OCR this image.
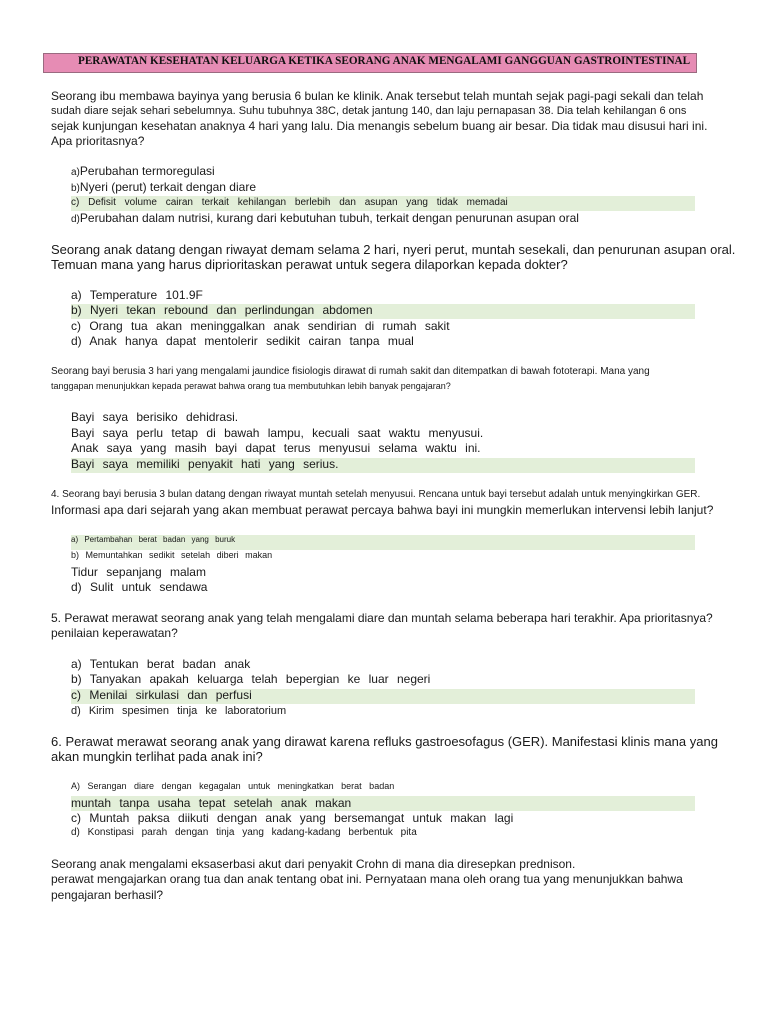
PERAWATAN KESEHATAN KELUARGA KETIKA SEORANG ANAK MENGALAMI GANGGUAN GASTROINTESTINAL
Seorang ibu membawa bayinya yang berusia 6 bulan ke klinik. Anak tersebut telah muntah sejak pagi-pagi sekali dan telah
sudah diare sejak sehari sebelumnya. Suhu tubuhnya 38C, detak jantung 140, dan laju pernapasan 38. Dia telah kehilangan 6 ons
sejak kunjungan kesehatan anaknya 4 hari yang lalu. Dia menangis sebelum buang air besar. Dia tidak mau disusui hari ini.
Apa prioritasnya?
a)Perubahan termoregulasi
b)Nyeri (perut) terkait dengan diare
c) Defisit volume cairan terkait kehilangan berlebih dan asupan yang tidak memadai
d)Perubahan dalam nutrisi, kurang dari kebutuhan tubuh, terkait dengan penurunan asupan oral
Seorang anak datang dengan riwayat demam selama 2 hari, nyeri perut, muntah sesekali, dan penurunan asupan oral.
Temuan mana yang harus diprioritaskan perawat untuk segera dilaporkan kepada dokter?
a) Temperature 101.9F
b) Nyeri tekan rebound dan perlindungan abdomen
c) Orang tua akan meninggalkan anak sendirian di rumah sakit
d) Anak hanya dapat mentolerir sedikit cairan tanpa mual
Seorang bayi berusia 3 hari yang mengalami jaundice fisiologis dirawat di rumah sakit dan ditempatkan di bawah fototerapi. Mana yang
tanggapan menunjukkan kepada perawat bahwa orang tua membutuhkan lebih banyak pengajaran?
Bayi saya berisiko dehidrasi.
Bayi saya perlu tetap di bawah lampu, kecuali saat waktu menyusui.
Anak saya yang masih bayi dapat terus menyusui selama waktu ini.
Bayi saya memiliki penyakit hati yang serius.
4. Seorang bayi berusia 3 bulan datang dengan riwayat muntah setelah menyusui. Rencana untuk bayi tersebut adalah untuk menyingkirkan GER.
Informasi apa dari sejarah yang akan membuat perawat percaya bahwa bayi ini mungkin memerlukan intervensi lebih lanjut?
a) Pertambahan berat badan yang buruk
b) Memuntahkan sedikit setelah diberi makan
Tidur sepanjang malam
d) Sulit untuk sendawa
5. Perawat merawat seorang anak yang telah mengalami diare dan muntah selama beberapa hari terakhir. Apa prioritasnya?
penilaian keperawatan?
a) Tentukan berat badan anak
b) Tanyakan apakah keluarga telah bepergian ke luar negeri
c) Menilai sirkulasi dan perfusi
d) Kirim spesimen tinja ke laboratorium
6. Perawat merawat seorang anak yang dirawat karena refluks gastroesofagus (GER). Manifestasi klinis mana yang
akan mungkin terlihat pada anak ini?
A) Serangan diare dengan kegagalan untuk meningkatkan berat badan
muntah tanpa usaha tepat setelah anak makan
c) Muntah paksa diikuti dengan anak yang bersemangat untuk makan lagi
d) Konstipasi parah dengan tinja yang kadang-kadang berbentuk pita
Seorang anak mengalami eksaserbasi akut dari penyakit Crohn di mana dia diresepkan prednison.
perawat mengajarkan orang tua dan anak tentang obat ini. Pernyataan mana oleh orang tua yang menunjukkan bahwa
pengajaran berhasil?
